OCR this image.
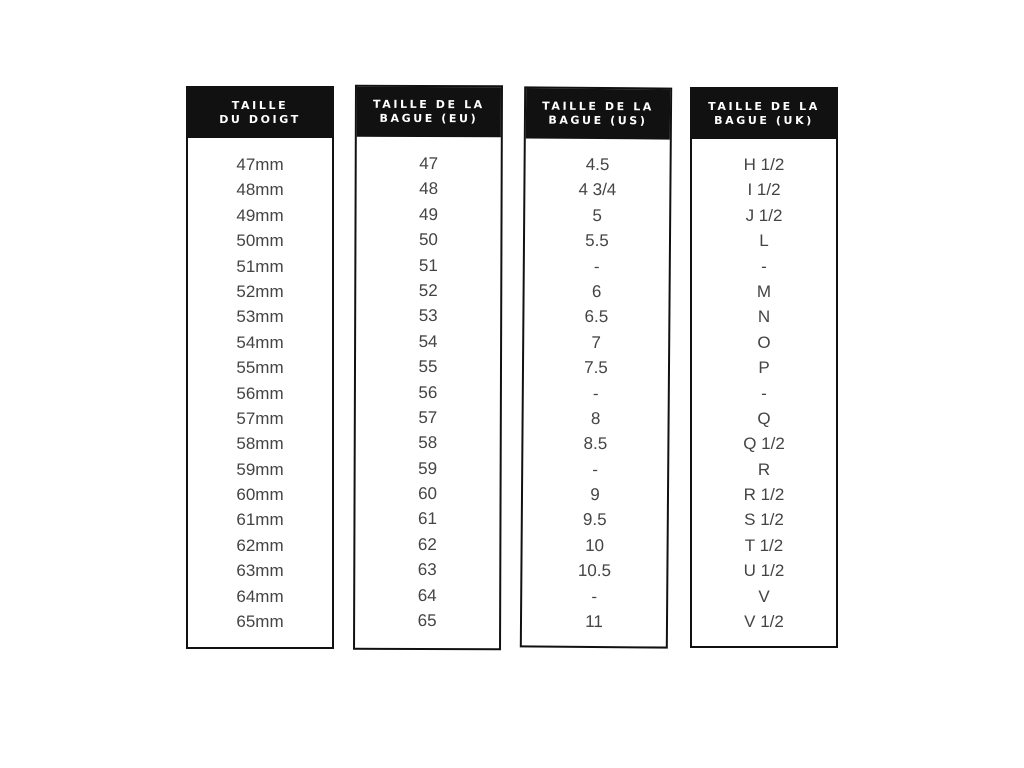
TAILLE
DU DOIGT
47mm
48mm
49mm
50mm
51mm
52mm
53mm
54mm
55mm
56mm
57mm
58mm
59mm
60mm
61mm
62mm
63mm
64mm
65mm
TAILLE DE LA
BAGUE (EU)
47
48
49
50
51
52
53
54
55
56
57
58
59
60
61
62
63
64
65
TAILLE DE LA
BAGUE (US)
4.5
4 3/4
5
5.5
-
6
6.5
7
7.5
-
8
8.5
-
9
9.5
10
10.5
-
11
TAILLE DE LA
BAGUE (UK)
H 1/2
I 1/2
J 1/2
L
-
M
N
O
P
-
Q
Q 1/2
R
R 1/2
S 1/2
T 1/2
U 1/2
V
V 1/2
